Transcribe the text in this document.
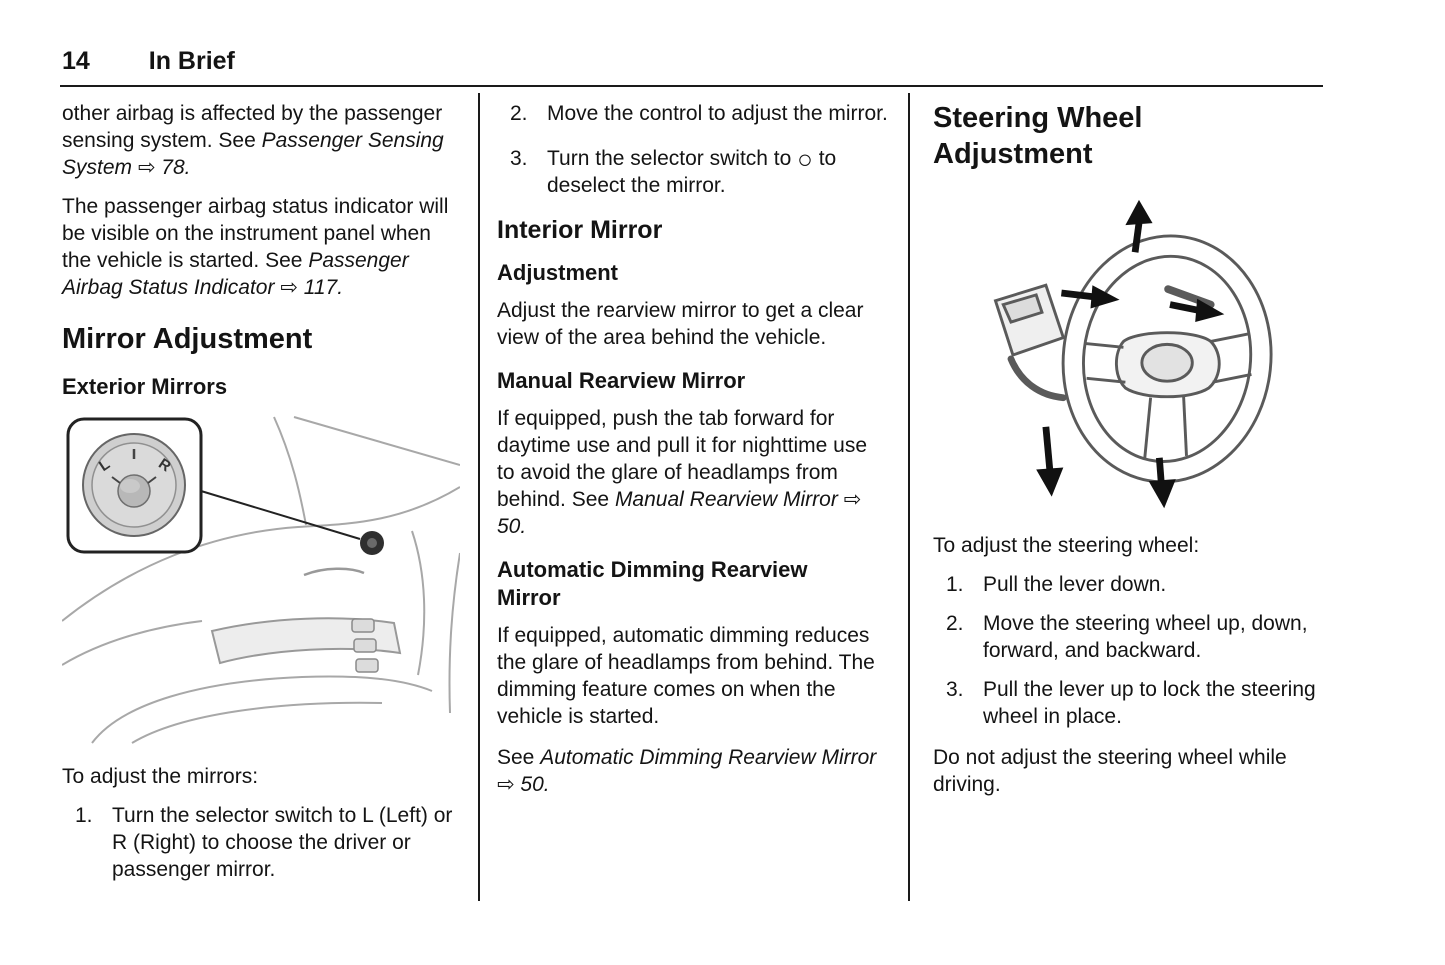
14 In Brief

other airbag is affected by the passenger sensing system. See Passenger Sensing System ⇨ 78.

The passenger airbag status indicator will be visible on the instrument panel when the vehicle is started. See Passenger Airbag Status Indicator ⇨ 117.

Mirror Adjustment
Exterior Mirrors
L	R

To adjust the mirrors:

1. Turn the selector switch to L (Left) or R (Right) to choose the driver or passenger mirror.
2. Move the control to adjust the mirror.
3. Turn the selector switch to ○ to deselect the mirror.
Interior Mirror
Adjustment

Adjust the rearview mirror to get a clear view of the area behind the vehicle.

Manual Rearview Mirror

If equipped, push the tab forward for daytime use and pull it for nighttime use to avoid the glare of headlamps from behind. See Manual Rearview Mirror ⇨ 50.

Automatic Dimming Rearview Mirror

If equipped, automatic dimming reduces the glare of headlamps from behind. The dimming feature comes on when the vehicle is started.

See Automatic Dimming Rearview Mirror ⇨ 50.

Steering Wheel Adjustment

To adjust the steering wheel:

1. Pull the lever down.
2. Move the steering wheel up, down, forward, and backward.
3. Pull the lever up to lock the steering wheel in place.

Do not adjust the steering wheel while driving.
